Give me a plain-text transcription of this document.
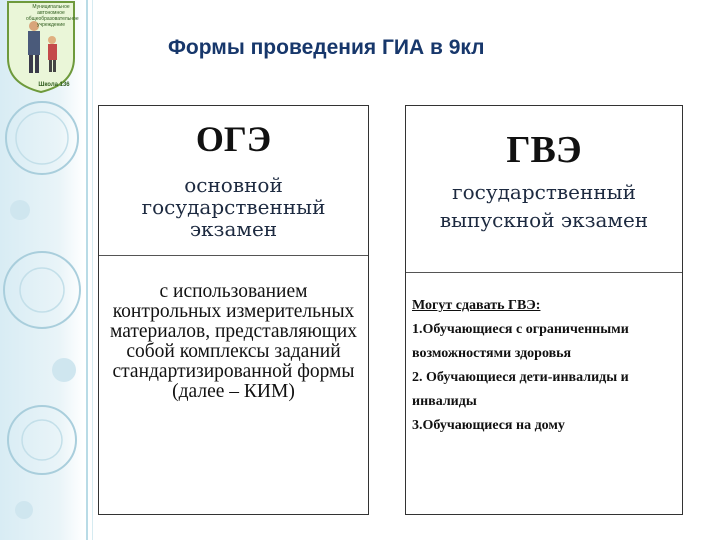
Муниципальное автономное общеобразовательное учреждение
Школа 136
Формы проведения ГИА в 9кл
ОГЭ
основной государственный экзамен
с использованием контрольных измерительных материалов, представляющих собой комплексы заданий стандартизированной формы (далее – КИМ)
ГВЭ
государственный выпускной экзамен
Могут сдавать ГВЭ:
1.Обучающиеся с ограниченными возможностями здоровья
2. Обучающиеся дети-инвалиды и инвалиды
3.Обучающиеся на дому
